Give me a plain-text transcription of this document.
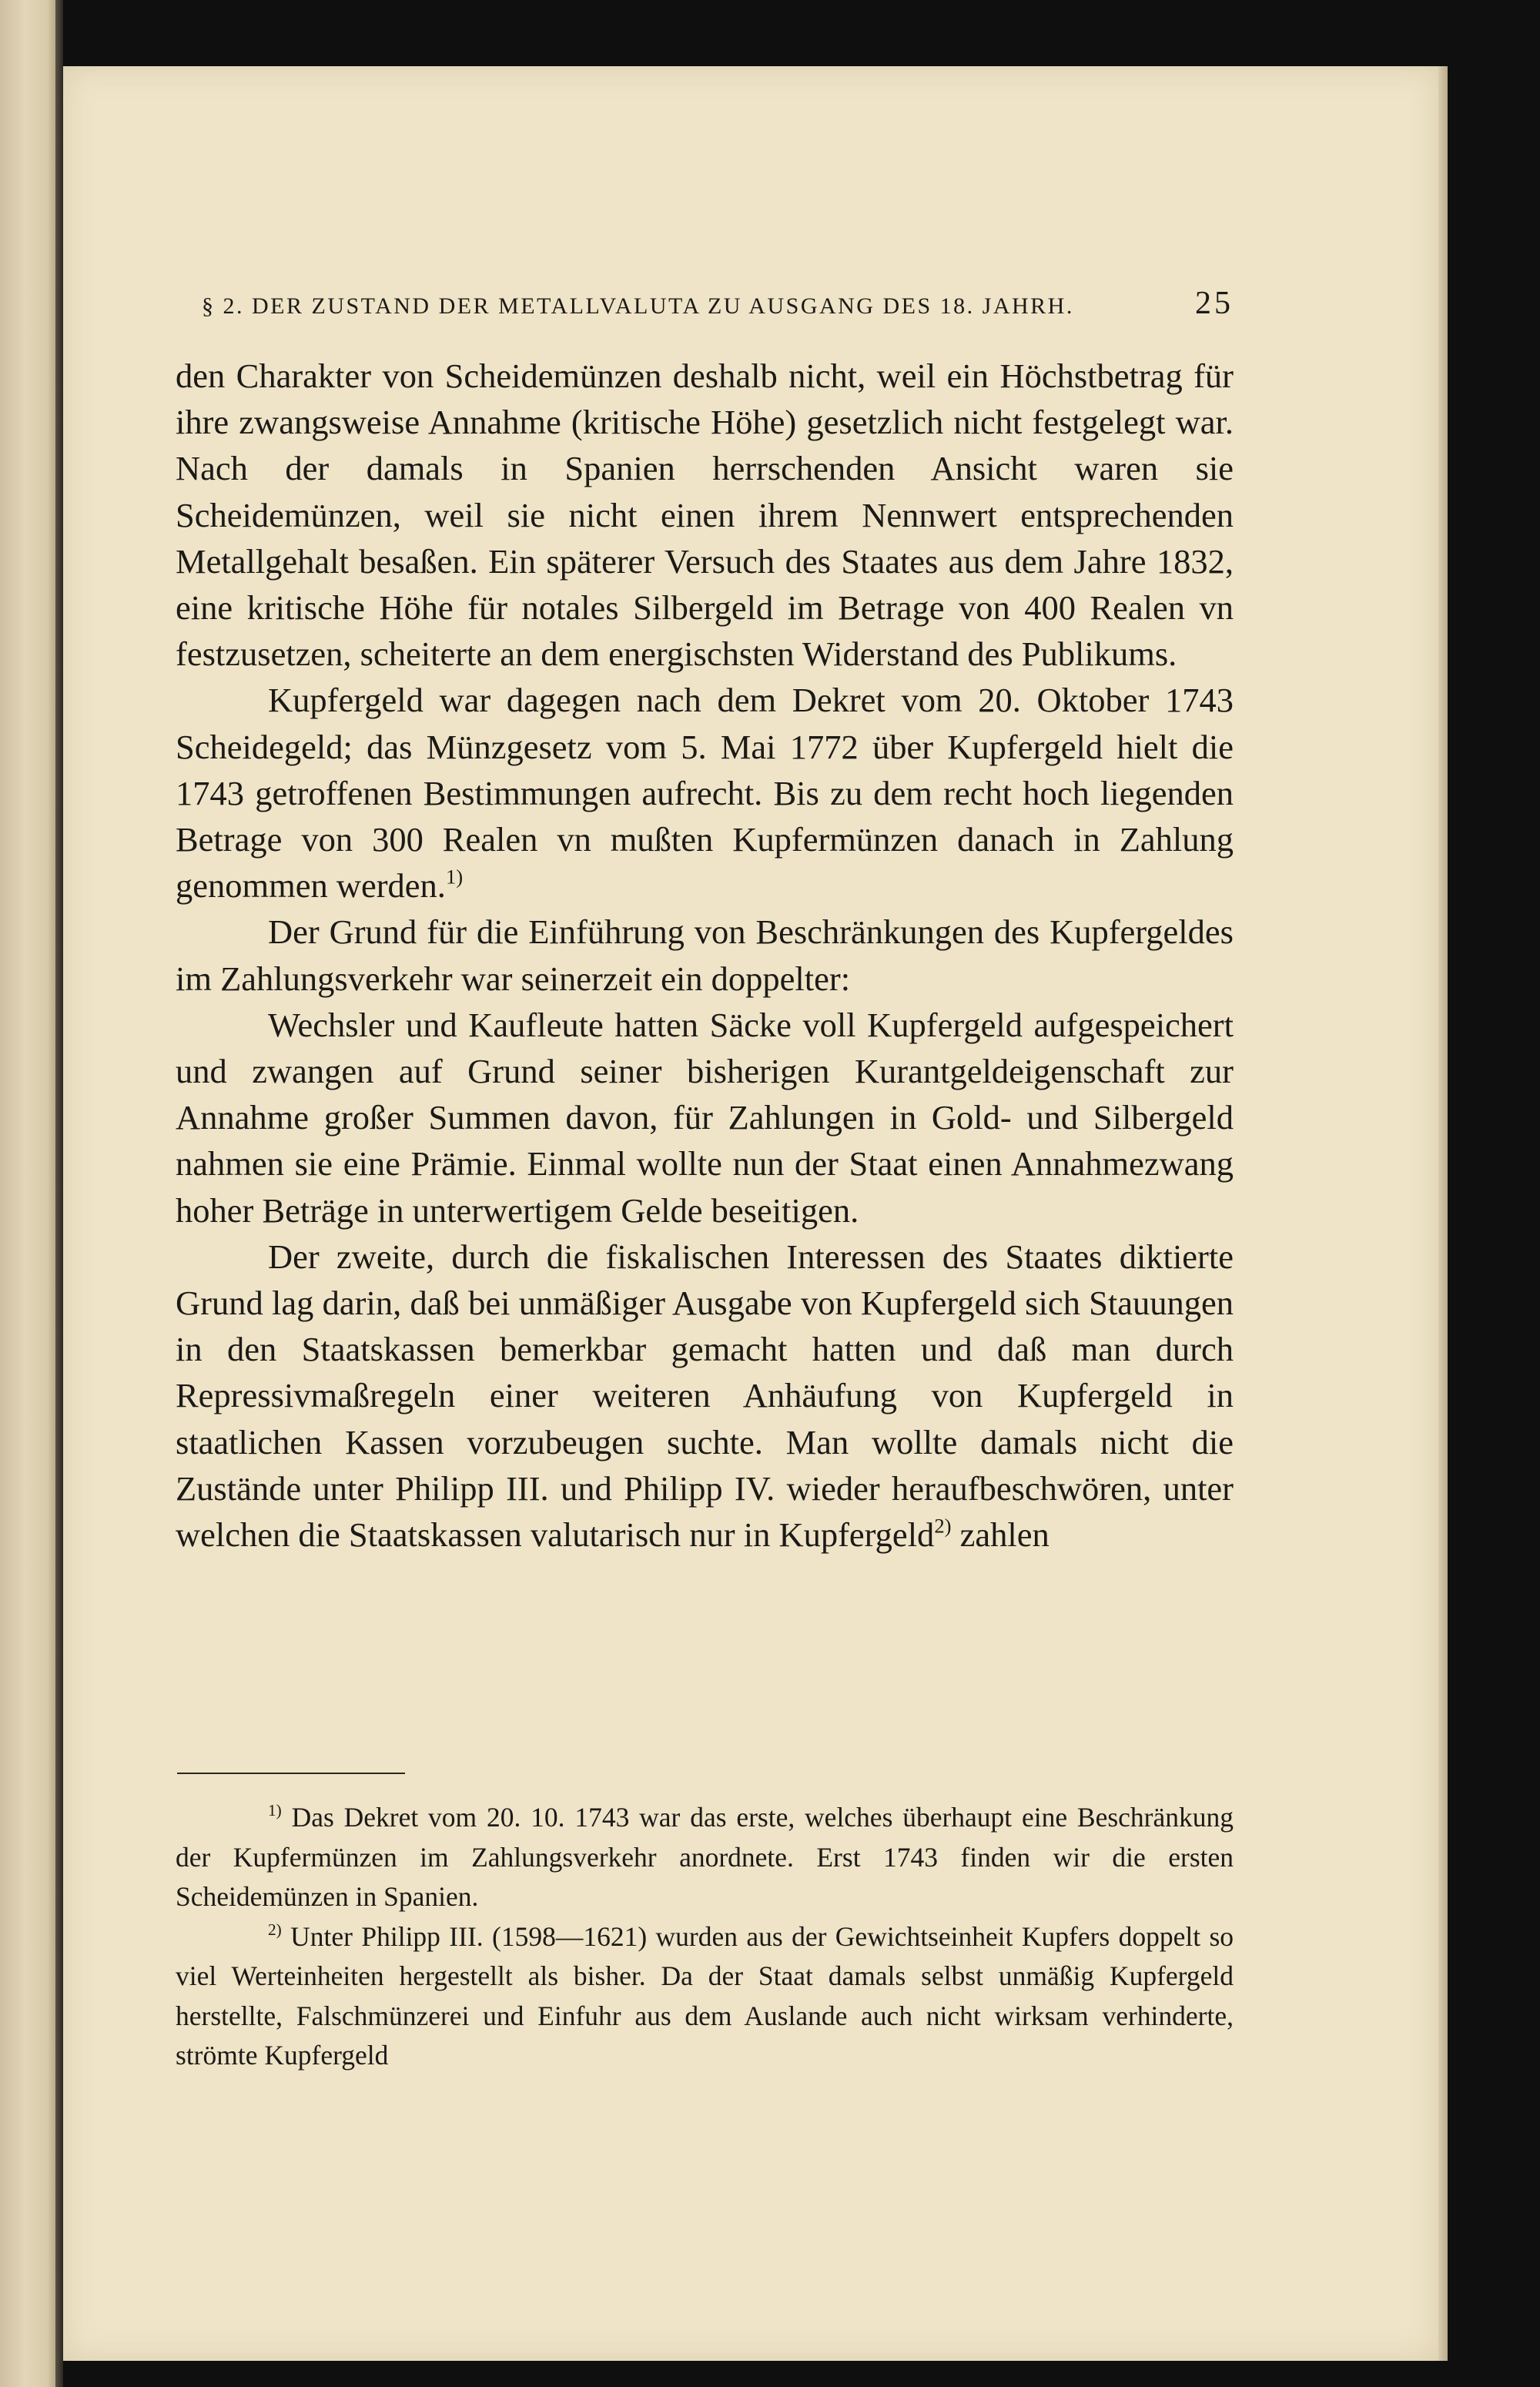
§ 2. DER ZUSTAND DER METALLVALUTA ZU AUSGANG DES 18. JAHRH.	25

den Charakter von Scheidemünzen deshalb nicht, weil ein Höchstbetrag für ihre zwangsweise Annahme (kritische Höhe) gesetzlich nicht festgelegt war. Nach der damals in Spanien herrschenden Ansicht waren sie Scheidemünzen, weil sie nicht einen ihrem Nennwert entsprechenden Metallgehalt besaßen. Ein späterer Versuch des Staates aus dem Jahre 1832, eine kritische Höhe für notales Silbergeld im Betrage von 400 Realen vn festzusetzen, scheiterte an dem energischsten Widerstand des Publikums.

Kupfergeld war dagegen nach dem Dekret vom 20. Oktober 1743 Scheidegeld; das Münzgesetz vom 5. Mai 1772 über Kupfergeld hielt die 1743 getroffenen Bestimmungen aufrecht. Bis zu dem recht hoch liegenden Betrage von 300 Realen vn mußten Kupfermünzen danach in Zahlung genommen werden.$^{1)}$

Der Grund für die Einführung von Beschränkungen des Kupfergeldes im Zahlungsverkehr war seinerzeit ein doppelter:

Wechsler und Kaufleute hatten Säcke voll Kupfergeld aufgespeichert und zwangen auf Grund seiner bisherigen Kurantgeldeigenschaft zur Annahme großer Summen davon, für Zahlungen in Gold- und Silbergeld nahmen sie eine Prämie. Einmal wollte nun der Staat einen Annahmezwang hoher Beträge in unterwertigem Gelde beseitigen.

Der zweite, durch die fiskalischen Interessen des Staates diktierte Grund lag darin, daß bei unmäßiger Ausgabe von Kupfergeld sich Stauungen in den Staatskassen bemerkbar gemacht hatten und daß man durch Repressivmaßregeln einer weiteren Anhäufung von Kupfergeld in staatlichen Kassen vorzubeugen suchte. Man wollte damals nicht die Zustände unter Philipp III. und Philipp IV. wieder heraufbeschwören, unter welchen die Staatskassen valutarisch nur in Kupfergeld$^{2)}$ zahlen

$^{1)}$ Das Dekret vom 20. 10. 1743 war das erste, welches überhaupt eine Beschränkung der Kupfermünzen im Zahlungsverkehr anordnete. Erst 1743 finden wir die ersten Scheidemünzen in Spanien.

$^{2)}$ Unter Philipp III. (1598—1621) wurden aus der Gewichtseinheit Kupfers doppelt so viel Werteinheiten hergestellt als bisher. Da der Staat damals selbst unmäßig Kupfergeld herstellte, Falschmünzerei und Einfuhr aus dem Auslande auch nicht wirksam verhinderte, strömte Kupfergeld
